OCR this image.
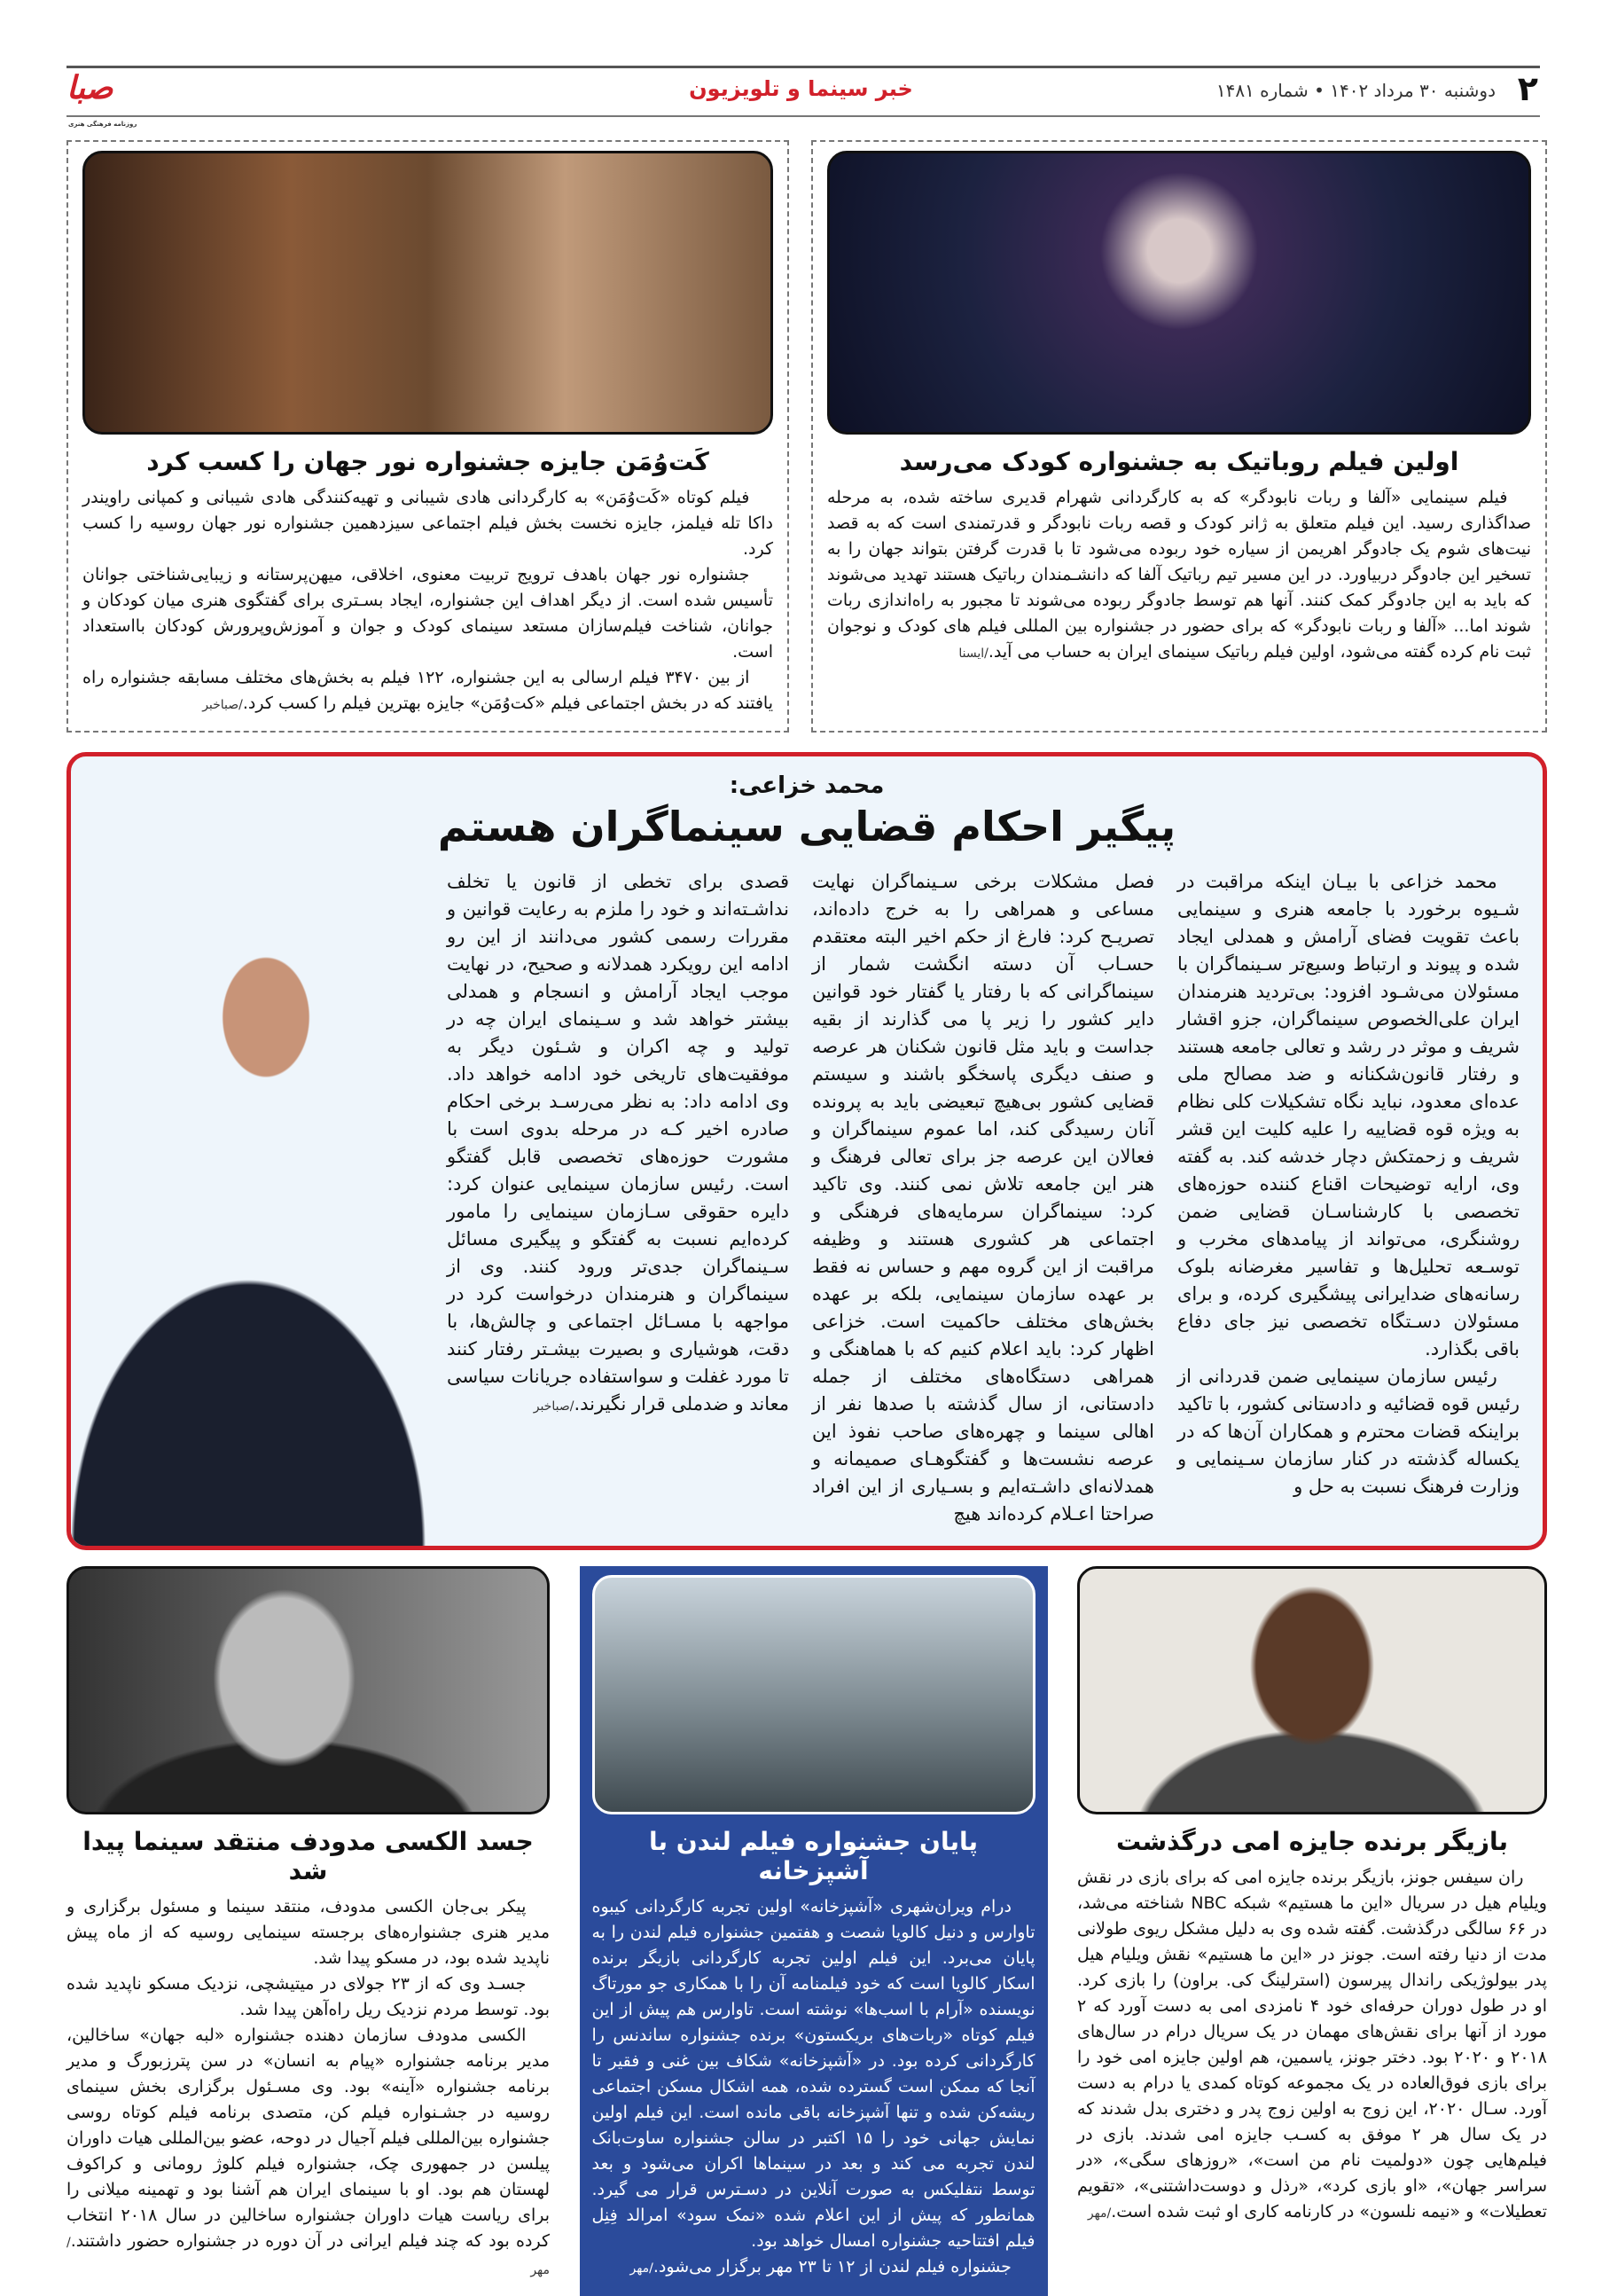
۲
دوشنبه ۳۰ مرداد ۱۴۰۲ • شماره ۱۴۸۱
خبر سینما و تلویزیون
صبا
روزنامه فرهنگی هنری
اولین فیلم روباتیک به جشنواره کودک می‌رسد

فیلم سینمایی «آلفا و ربات نابودگر» که به کارگردانی شهرام قدیری ساخته شده، به مرحله صداگذاری رسید. این فیلم متعلق به ژانر کودک و قصه ربات نابودگر و قدرتمندی است که به قصد نیت‌های شوم یک جادوگر اهریمن از سیاره خود ربوده می‌شود تا با قدرت گرفتن بتواند جهان را به تسخیر این جادوگر دربیاورد. در این مسیر تیم رباتیک آلفا که دانشـمندان رباتیک هستند تهدید می‌شوند که باید به این جادوگر کمک کنند. آنها هم توسط جادوگر ربوده می‌شوند تا مجبور به راه‌اندازی ربات شوند اما... «آلفا و ربات نابودگر» که برای حضور در جشنواره بین المللی فیلم های کودک و نوجوان ثبت نام کرده گفته می‌شود، اولین فیلم رباتیک سینمای ایران به حساب می آید./ایسنا

کَت‌وُمَن جایزه جشنواره نور جهان را کسب کرد

فیلم کوتاه «کَت‌وُمَن» به کارگردانی هادی شیبانی و تهیه‌کنندگی هادی شیبانی و کمپانی راویندر داکا تله فیلمز، جایزه نخست بخش فیلم اجتماعی سیزدهمین جشنواره نور جهان روسیه را کسب کرد.

جشنواره نور جهان باهدف ترویج تربیت معنوی، اخلاقی، میهن‌پرستانه و زیبایی‌شناختی جوانان تأسیس شده است. از دیگر اهداف این جشنواره، ایجاد بسـتری برای گفتگوی هنری میان کودکان و جوانان، شناخت فیلم‌سازان مستعد سینمای کودک و جوان و آموزش‌وپرورش کودکان بااستعداد است.

از بین ۳۴۷۰ فیلم ارسالی به این جشنواره، ۱۲۲ فیلم به بخش‌های مختلف مسابقه جشنواره راه یافتند که در بخش اجتماعی فیلم «کت‌وُمَن» جایزه بهترین فیلم را کسب کرد./صباخبر

محمد خزاعی:
پیگیر احکام قضایی سینماگران هستم

محمد خزاعی با بیـان اینکه مراقبت در شـیوه برخورد با جامعه هنری و سینمایی باعث تقویت فضای آرامش و همدلی ایجاد شده و پیوند و ارتباط وسیع‌تر سـینماگران با مسئولان می‌شـود افزود: بی‌تردید هنرمندان ایران علی‌الخصوص سینماگران، جزو اقشار شریف و موثر در رشد و تعالی جامعه هستند و رفتار قانون‌شکنانه و ضد مصالح ملی عده‌ای معدود، نباید نگاه تشکیلات کلی نظام به ویژه قوه قضاییه را علیه کلیت این قشر شریف و زحمتکش دچار خدشه کند. به گفته وی، ارایه توضیحات اقناع کننده حوزه‌های تخصصی با کارشناسـان قضایی ضمن روشنگری، می‌تواند از پیامدهای مخرب و توسـعه تحلیل‌ها و تفاسیر مغرضانه بلوک رسانه‌های ضدایرانی پیشگیری کرده، و برای مسئولان دسـتگاه تخصصی نیز جای دفاع باقی بگذارد.

رئیس سازمان سینمایی ضمن قدردانی از رئیس قوه قضائیه و دادستانی کشور، با تاکید براینکه قضات محترم و همکاران آن‌ها که در یکساله گذشته در کنار سازمان سـینمایی و وزارت فرهنگ نسبت به حل و

فصل مشکلات برخی سـینماگران نهایت مساعی و همراهی را به خرج داده‌اند، تصریـح کرد: فارغ از حکم اخیر البته معتقدم حسـاب آن دسته انگشت شمار از سینماگرانی که با رفتار یا گفتار خود قوانین دایر کشور را زیر پا می گذارند از بقیه جداست و باید مثل قانون شکنان هر عرصه و صنف دیگری پاسخگو باشند و سیستم قضایی کشور بی‌هیچ تبعیضی باید به پرونده آنان رسیدگی کند، اما عموم سینماگران و فعالان این عرصه جز برای تعالی فرهنگ و هنر این جامعه تلاش نمی کنند. وی تاکید کرد: سینماگران سرمایه‌های فرهنگی و اجتماعی هر کشوری هستند و وظیفه مراقبت از این گروه مهم و حساس نه فقط بر عهده سازمان سینمایی، بلکه بر عهده بخش‌های مختلف حاکمیت است. خزاعی اظهار کرد: باید اعلام کنیم که با هماهنگی و همراهی دستگاه‌های مختلف از جمله دادستانی، از سال گذشته با صدها نفر از اهالی سینما و چهره‌های صاحب نفوذ این عرصه نشست‌ها و گفتگوهـای صمیمانه و همدلانه‌ای داشـته‌ایم و بسـیاری از این افراد صراحتا اعـلام کرده‌اند هیچ
قصدی برای تخطی از قانون یا تخلف نداشـته‌اند و خود را ملزم به رعایت قوانین و مقررات رسمی کشور می‌دانند از این رو ادامه این رویکرد همدلانه و صحیح، در نهایت موجب ایجاد آرامش و انسجام و همدلی بیشتر خواهد شد و سـینمای ایران چه در تولید و چه اکران و شـئون دیگر به موفقیت‌های تاریخی خود ادامه خواهد داد. وی ادامه داد: به نظر می‌رسـد برخی احکام صادره اخیر کـه در مرحله بدوی است با مشورت حوزه‌های تخصصی قابل گفتگو است. رئیس سازمان سینمایی عنوان کرد: دایره حقوقی سـازمان سینمایی را مامور کرده‌ایم نسبت به گفتگو و پیگیری مسائل سـینماگران جدی‌تر ورود کنند. وی از سینماگران و هنرمندان درخواست کرد در مواجهه با مسـائل اجتماعی و چالش‌ها، با دقت، هوشیاری و بصیرت بیشـتر رفتار کنند تا مورد غفلت و سواستفاده جریانات سیاسی معاند و ضدملی قرار نگیرند./صباخبر
بازیگر برنده جایزه امی درگذشت

ران سیفس جونز، بازیگر برنده جایزه امی که برای بازی در نقش ویلیام هیل در سریال «این ما هستیم» شبکه NBC شناخته می‌شد، در ۶۶ سالگی درگذشت. گفته شده وی به دلیل مشکل ریوی طولانی مدت از دنیا رفته است. جونز در «این ما هستیم» نقش ویلیام هیل پدر بیولوژیکی راندال پیرسون (استرلینگ کی. براون) را بازی کرد. او در طول دوران حرفه‌ای خود ۴ نامزدی امی به دست آورد که ۲ مورد از آنها برای نقش‌های مهمان در یک سریال درام در سال‌های ۲۰۱۸ و ۲۰۲۰ بود. دختر جونز، یاسمین، هم اولین جایزه امی خود را برای بازی فوق‌العاده در یک مجموعه کوتاه کمدی یا درام به دست آورد. سـال ۲۰۲۰، این زوج به اولین زوج پدر و دختری بدل شدند که در یک سال هر ۲ موفق به کسـب جایزه امی شدند. بازی در فیلم‌هایی چون «دولمیت نام من است»، «روزهای سگی»، «در سراسر جهان»، «او بازی کرد»، «رذل و دوست‌داشتنی»، «تقویم تعطیلات» و «نیمه نلسون» در کارنامه کاری او ثبت شده است./مهر

پایان جشنواره فیلم لندن با آشپزخانه

درام ویران‌شهری «آشپزخانه» اولین تجربه کارگردانی کیبوه تاوارس و دنیل کالویا شصت و هفتمین جشنواره فیلم لندن را به پایان می‌برد. این فیلم اولین تجربه کارگردانی بازیگر برنده اسکار کالویا است که خود فیلمنامه آن را با همکاری جو مورتاگ نویسنده «آرام با اسب‌ها» نوشته است. تاوارس هم پیش از این فیلم کوتاه «ربات‌های بریکستون» برنده جشنواره ساندنس را کارگردانی کرده بود. در «آشپزخانه» شکاف بین غنی و فقیر تا آنجا که ممکن است گسترده شده، همه اشکال مسکن اجتماعی ریشه‌کن شده و تنها آشپزخانه باقی مانده است. این فیلم اولین نمایش جهانی خود را ۱۵ اکتبر در سالن جشنواره ساوت‌بانک لندن تجربه می کند و بعد در سینماها اکران می‌شود و بعد توسط نتفلیکس به صورت آنلاین در دسـترس قرار می گیرد. همانطور که پیش از این اعلام شده «نمک سود» امرالد فِنِل فیلم افتتاحیه جشنواره امسال خواهد بود.

جشنواره فیلم لندن از ۱۲ تا ۲۳ مهر برگزار می‌شود./مهر

جسد الکسی مدودف منتقد سینما پیدا شد

پیکر بی‌جان الکسی مدودف، منتقد سینما و مسئول برگزاری و مدیر هنری جشنواره‌های برجسته سینمایی روسیه که از ماه پیش ناپدید شده بود، در مسکو پیدا شد.

جسـد وی که از ۲۳ جولای در میتیشچی، نزدیک مسکو ناپدید شده بود. توسط مردم نزدیک ریل راه‌آهن پیدا شد.

الکسی مدودف سازمان دهنده جشنواره «لبه جهان» ساخالین، مدیر برنامه جشنواره «پیام به انسان» در سن پترزبورگ و مدیر برنامه جشنواره «آینه» بود. وی مسـئول برگزاری بخش سینمای روسیه در جشـنواره فیلم کن، متصدی برنامه فیلم کوتاه روسی جشنواره بین‌المللی فیلم آجیال در دوحه، عضو بین‌المللی هیات داوران پیلسن در جمهوری چک، جشنواره فیلم کلوژ رومانی و کراکوف لهستان هم بود. او با سینمای ایران هم آشنا بود و تهمینه میلانی را برای ریاست هیات داوران جشنواره ساخالین در سال ۲۰۱۸ انتخاب کرده بود که چند فیلم ایرانی در آن دوره در جشنواره حضور داشتند./مهر
